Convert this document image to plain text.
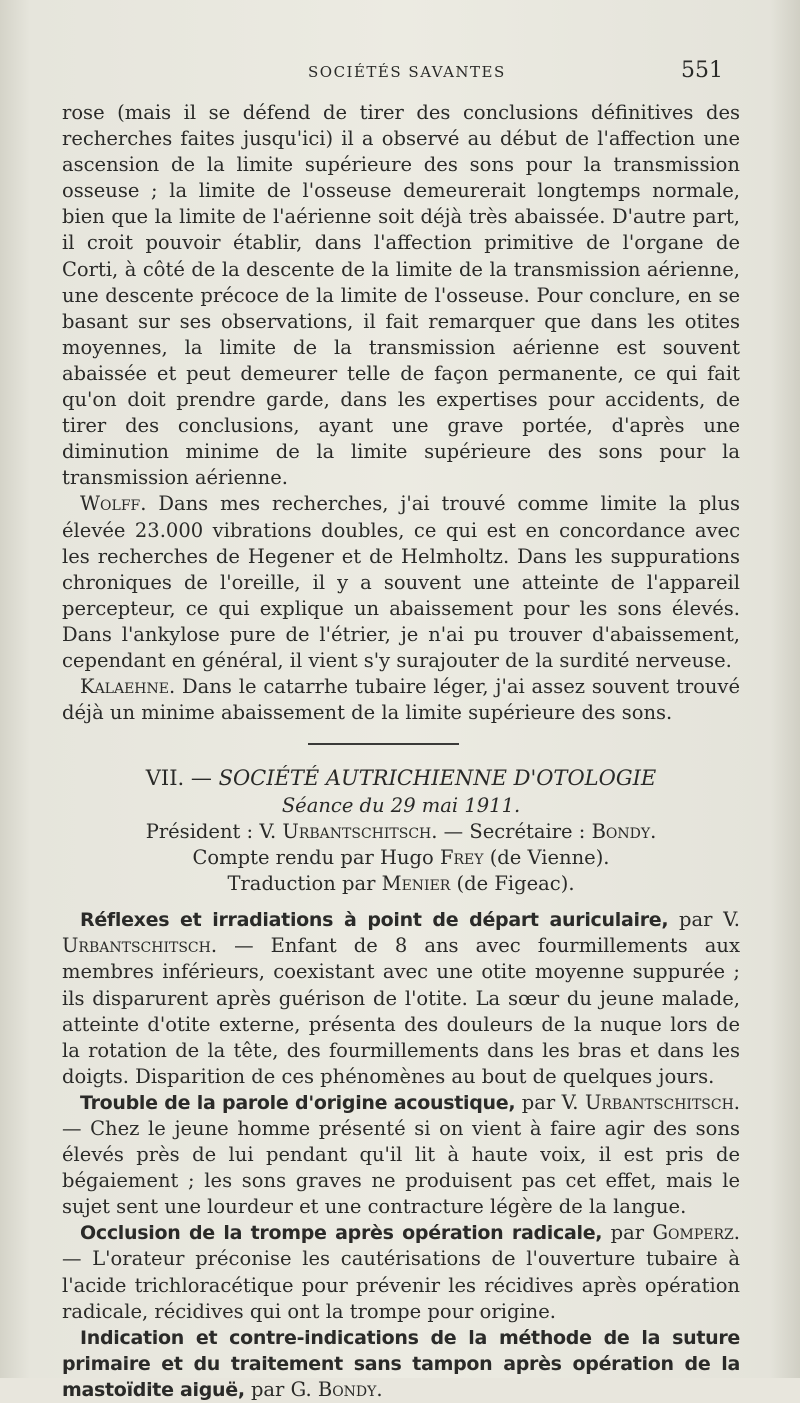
SOCIÉTÉS SAVANTES	551

rose (mais il se défend de tirer des conclusions définitives des recherches faites jusqu'ici) il a observé au début de l'affection une ascension de la limite supérieure des sons pour la transmission osseuse ; la limite de l'osseuse demeurerait longtemps normale, bien que la limite de l'aérienne soit déjà très abaissée. D'autre part, il croit pouvoir établir, dans l'affection primitive de l'organe de Corti, à côté de la descente de la limite de la transmission aérienne, une descente précoce de la limite de l'osseuse. Pour conclure, en se basant sur ses observations, il fait remarquer que dans les otites moyennes, la limite de la transmission aérienne est souvent abaissée et peut demeurer telle de façon permanente, ce qui fait qu'on doit prendre garde, dans les expertises pour accidents, de tirer des conclusions, ayant une grave portée, d'après une diminution minime de la limite supérieure des sons pour la transmission aérienne.

Wolff. Dans mes recherches, j'ai trouvé comme limite la plus élevée 23.000 vibrations doubles, ce qui est en concordance avec les recherches de Hegener et de Helmholtz. Dans les suppurations chroniques de l'oreille, il y a souvent une atteinte de l'appareil percepteur, ce qui explique un abaissement pour les sons élevés. Dans l'ankylose pure de l'étrier, je n'ai pu trouver d'abaissement, cependant en général, il vient s'y surajouter de la surdité nerveuse.

Kalaehne. Dans le catarrhe tubaire léger, j'ai assez souvent trouvé déjà un minime abaissement de la limite supérieure des sons.

VII. — SOCIÉTÉ AUTRICHIENNE D'OTOLOGIE

Séance du 29 mai 1911.

Président : V. Urbantschitsch. — Secrétaire : Bondy.

Compte rendu par Hugo Frey (de Vienne).

Traduction par Menier (de Figeac).

Réflexes et irradiations à point de départ auriculaire, par V. Urbantschitsch. — Enfant de 8 ans avec fourmillements aux membres inférieurs, coexistant avec une otite moyenne suppurée ; ils disparurent après guérison de l'otite. La sœur du jeune malade, atteinte d'otite externe, présenta des douleurs de la nuque lors de la rotation de la tête, des fourmillements dans les bras et dans les doigts. Disparition de ces phénomènes au bout de quelques jours.

Trouble de la parole d'origine acoustique, par V. Urbantschitsch. — Chez le jeune homme présenté si on vient à faire agir des sons élevés près de lui pendant qu'il lit à haute voix, il est pris de bégaiement ; les sons graves ne produisent pas cet effet, mais le sujet sent une lourdeur et une contracture légère de la langue.

Occlusion de la trompe après opération radicale, par Gomperz. — L'orateur préconise les cautérisations de l'ouverture tubaire à l'acide trichloracétique pour prévenir les récidives après opération radicale, récidives qui ont la trompe pour origine.

Indication et contre-indications de la méthode de la suture primaire et du traitement sans tampon après opération de la mastoïdite aiguë, par G. Bondy.
